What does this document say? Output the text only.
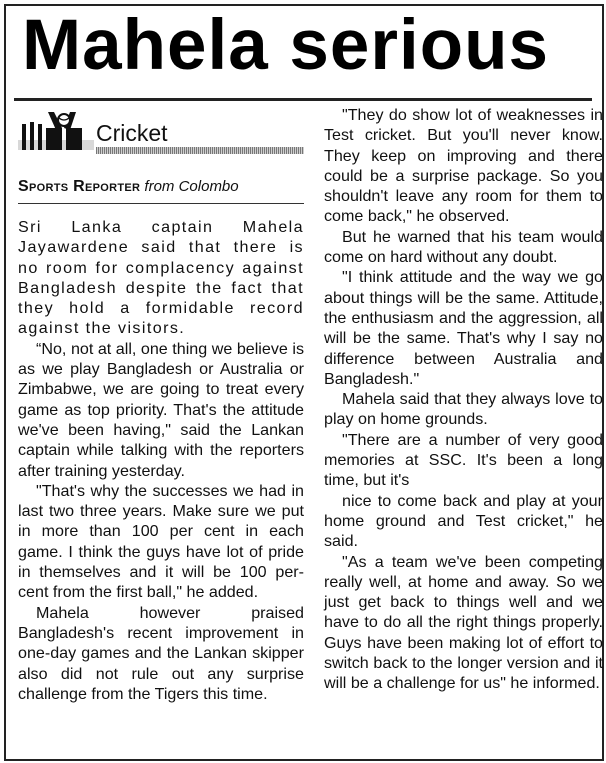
Mahela serious
Cricket
Sports Reporter from Colombo

Sri Lanka captain Mahela Jayawardene said that there is no room for complacency against Bangladesh despite the fact that they hold a formidable record against the visitors.

“No, not at all, one thing we believe is as we play Bangladesh or Australia or Zimbabwe, we are going to treat every game as top priority. That's the attitude we've been having," said the Lankan captain while talking with the reporters after training yesterday.

"That's why the successes we had in last two three years. Make sure we put in more than 100 per cent in each game. I think the guys have lot of pride in themselves and it will be 100 per-cent from the first ball," he added.

Mahela however praised Bangladesh's recent improvement in one-day games and the Lankan skipper also did not rule out any surprise challenge from the Tigers this time.

"They do show lot of weaknesses in Test cricket. But you'll never know. They keep on improving and there could be a surprise package. So you shouldn't leave any room for them to come back," he observed.

But he warned that his team would come on hard without any doubt.

"I think attitude and the way we go about things will be the same. Attitude, the enthusiasm and the aggression, all will be the same. That's why I say no difference between Australia and Bangladesh."

Mahela said that they always love to play on home grounds.

"There are a number of very good memories at SSC. It's been a long time, but it's

nice to come back and play at your home ground and Test cricket," he said.

"As a team we've been competing really well, at home and away. So we just get back to things well and we have to do all the right things properly. Guys have been making lot of effort to switch back to the longer version and it will be a challenge for us" he informed.
